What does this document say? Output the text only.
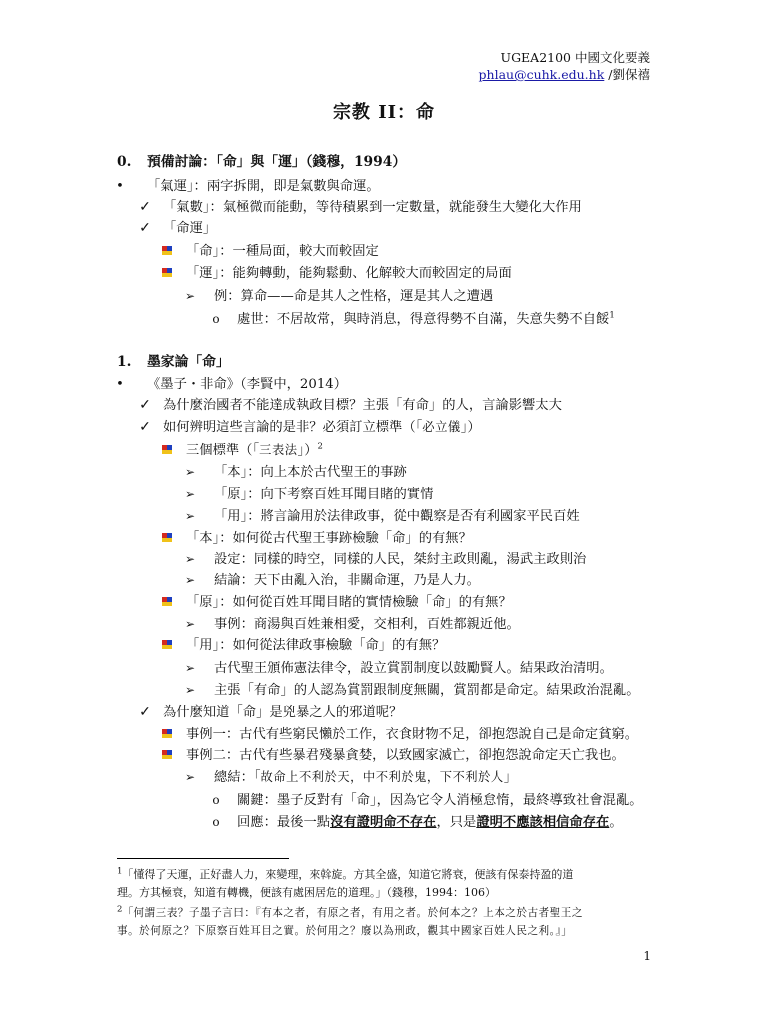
UGEA2100 中國文化要義
phlau@cuhk.edu.hk /劉保禧
宗教 II：命
0. 預備討論：「命」與「運」（錢穆，1994）
• 「氣運」：兩字拆開，即是氣數與命運。
✓ 「氣數」：氣極微而能動，等待積累到一定數量，就能發生大變化大作用
✓ 「命運」
「命」：一種局面，較大而較固定
「運」：能夠轉動，能夠鬆動、化解較大而較固定的局面
➢ 例：算命——命是其人之性格，運是其人之遭遇
o 處世：不居故常，與時消息，得意得勢不自滿，失意失勢不自餒$^1$
1. 墨家論「命」
• 《墨子・非命》（李賢中，2014）
✓ 為什麼治國者不能達成執政目標？主張「有命」的人，言論影響太大
✓ 如何辨明這些言論的是非？必須訂立標準（「必立儀」）
三個標準（「三表法」）$^2$
➢ 「本」：向上本於古代聖王的事跡
➢ 「原」：向下考察百姓耳聞目睹的實情
➢ 「用」：將言論用於法律政事，從中觀察是否有利國家平民百姓
「本」：如何從古代聖王事跡檢驗「命」的有無？
➢ 設定：同樣的時空，同樣的人民，桀紂主政則亂，湯武主政則治
➢ 結論：天下由亂入治，非關命運，乃是人力。
「原」：如何從百姓耳聞目睹的實情檢驗「命」的有無？
➢ 事例：商湯與百姓兼相愛，交相利，百姓都親近他。
「用」：如何從法律政事檢驗「命」的有無？
➢ 古代聖王頒佈憲法律令，設立賞罰制度以鼓勵賢人。結果政治清明。
➢ 主張「有命」的人認為賞罰跟制度無關，賞罰都是命定。結果政治混亂。
✓ 為什麼知道「命」是兇暴之人的邪道呢？
事例一：古代有些窮民懶於工作，衣食財物不足，卻抱怨說自己是命定貧窮。
事例二：古代有些暴君殘暴貪婪，以致國家滅亡，卻抱怨說命定天亡我也。
➢ 總結：「故命上不利於天，中不利於鬼，下不利於人」
o 關鍵：墨子反對有「命」，因為它令人消極怠惰，最終導致社會混亂。
o 回應：最後一點沒有證明命不存在，只是證明不應該相信命存在。
$^1$「懂得了天運，正好盡人力，來變理，來斡旋。方其全盛，知道它將衰，便該有保泰持盈的道
理。方其極衰，知道有轉機，便該有處困居危的道理。」（錢穆，1994：106）
$^2$「何謂三表？子墨子言曰：『有本之者，有原之者，有用之者。於何本之？上本之於古者聖王之
事。於何原之？下原察百姓耳目之實。於何用之？廢以為刑政，觀其中國家百姓人民之利。』」
1
